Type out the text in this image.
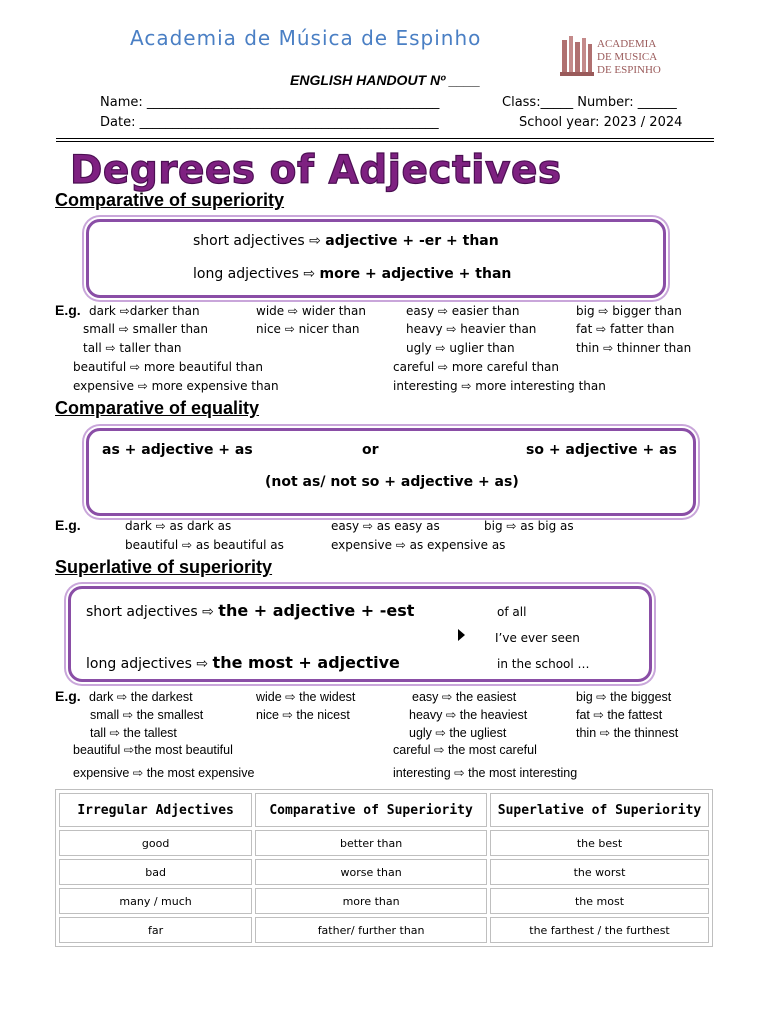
Academia de Música de Espinho	ACADEMIA
DE MUSICA
DE ESPINHO
ENGLISH HANDOUT Nº ____
Name: _____________________________________________	Class:_____ Number: ______
Date: ______________________________________________	School year: 2023 / 2024
Degrees of Adjectives
Comparative of superiority
short adjectives ⇨ adjective + -er + than
long adjectives ⇨ more + adjective + than
E.g. dark ⇨darker than	wide ⇨ wider than	easy ⇨ easier than	big ⇨ bigger than
small ⇨ smaller than	nice ⇨ nicer than	heavy ⇨ heavier than	fat ⇨ fatter than
tall ⇨ taller than	ugly ⇨ uglier than	thin ⇨ thinner than
beautiful ⇨ more beautiful than	careful ⇨ more careful than
expensive ⇨ more expensive than	interesting ⇨ more interesting than
Comparative of equality
as + adjective + as	or	so + adjective + as
(not as/ not so + adjective + as)
E.g.	dark ⇨ as dark as	easy ⇨ as easy as	big ⇨ as big as
beautiful ⇨ as beautiful as	expensive ⇨ as expensive as
Superlative of superiority
short adjectives ⇨ the + adjective + -est
long adjectives ⇨ the most + adjective
of all
I’ve ever seen
in the school …
E.g. dark ⇨ the darkest	wide ⇨ the widest	easy ⇨ the easiest	big ⇨ the biggest
small ⇨ the smallest	nice ⇨ the nicest	heavy ⇨ the heaviest	fat ⇨ the fattest
tall ⇨ the tallest	ugly ⇨ the ugliest	thin ⇨ the thinnest
beautiful ⇨the most beautiful	careful ⇨ the most careful
expensive ⇨ the most expensive	interesting ⇨ the most interesting
Irregular Adjectives	Comparative of Superiority	Superlative of Superiority
good	better than	the best
bad	worse than	the worst
many / much	more than	the most
far	father/ further than	the farthest / the furthest
